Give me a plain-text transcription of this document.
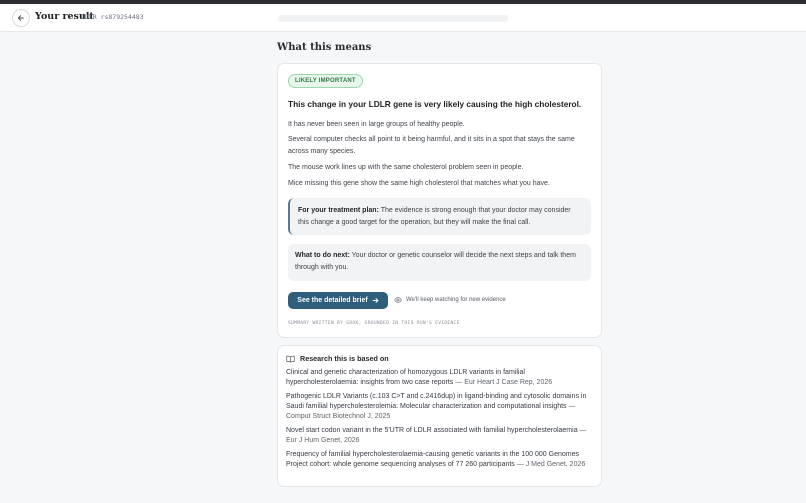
Your result
LDLR rs879254483
What this means
LIKELY IMPORTANT
This change in your LDLR gene is very likely causing the high cholesterol.
It has never been seen in large groups of healthy people.
Several computer checks all point to it being harmful, and it sits in a spot that stays the same across many species.
The mouse work lines up with the same cholesterol problem seen in people.
Mice missing this gene show the same high cholesterol that matches what you have.
For your treatment plan: The evidence is strong enough that your doctor may consider this change a good target for the operation, but they will make the final call.
What to do next: Your doctor or genetic counselor will decide the next steps and talk them through with you.
See the detailed brief	We'll keep watching for new evidence
SUMMARY WRITTEN BY GROK, GROUNDED IN THIS RUN'S EVIDENCE
Research this is based on
Clinical and genetic characterization of homozygous LDLR variants in familial hypercholesterolaemia: insights from two case reports — Eur Heart J Case Rep, 2026
Pathogenic LDLR Variants (c.103 C>T and c.2416dup) in ligand-binding and cytosolic domains in Saudi familial hypercholesterolemia: Molecular characterization and computational insights — Comput Struct Biotechnol J, 2025
Novel start codon variant in the 5'UTR of LDLR associated with familial hypercholesterolaemia — Eur J Hum Genet, 2026
Frequency of familial hypercholesterolaemia-causing genetic variants in the 100 000 Genomes Project cohort: whole genome sequencing analyses of 77 260 participants — J Med Genet, 2026
